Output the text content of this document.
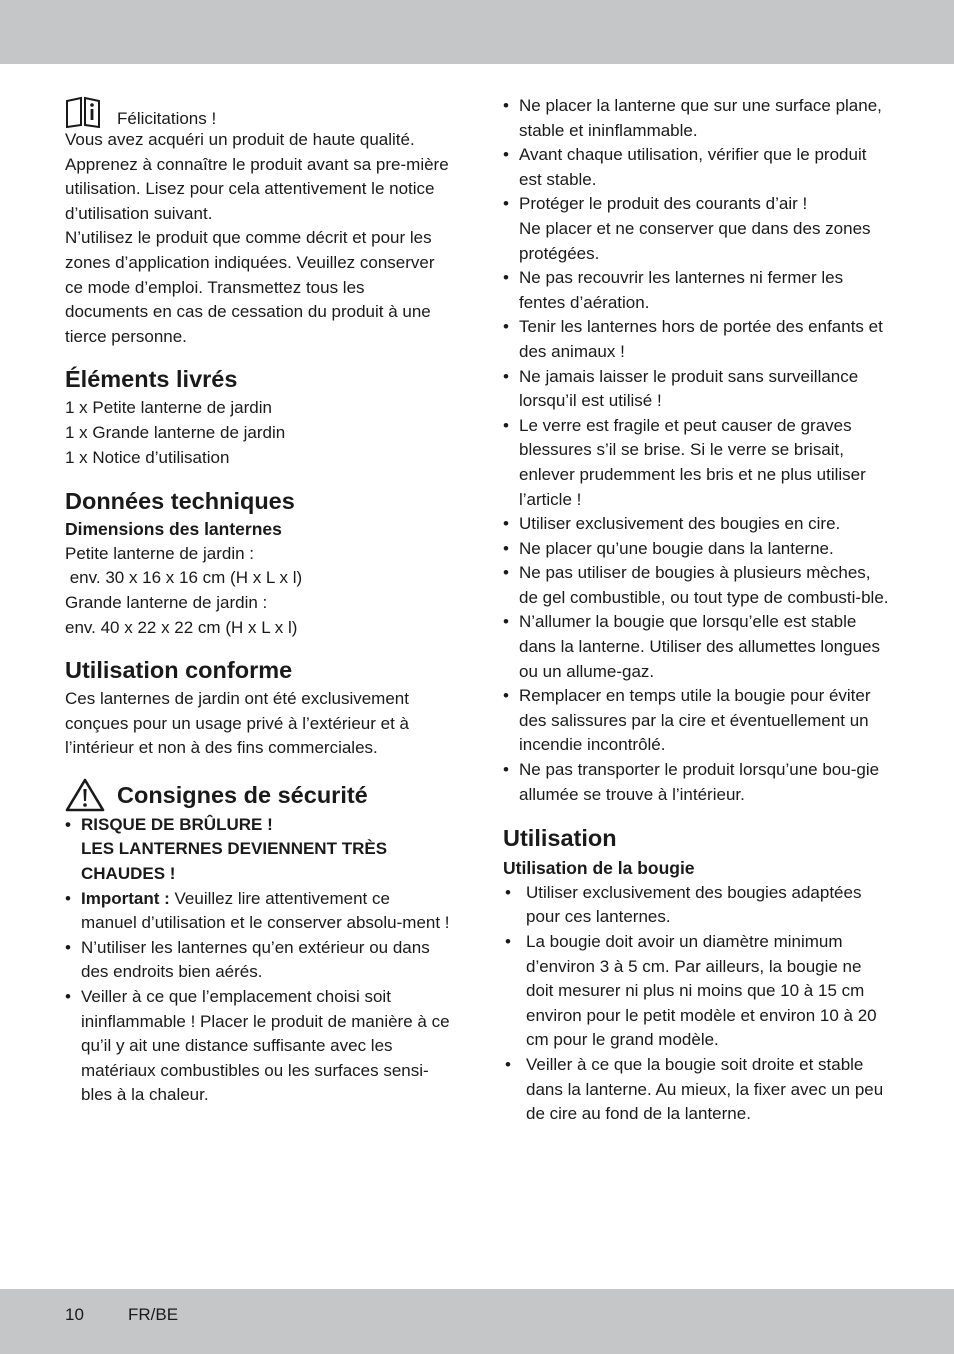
Félicitations !

Vous avez acquéri un produit de haute qualité. Apprenez à connaître le produit avant sa pre-mière utilisation. Lisez pour cela attentivement le notice d’utilisation suivant.

N’utilisez le produit que comme décrit et pour les zones d’application indiquées. Veuillez conserver ce mode d’emploi. Transmettez tous les documents en cas de cessation du produit à une tierce personne.

Éléments livrés

1 x Petite lanterne de jardin

1 x Grande lanterne de jardin

1 x Notice d’utilisation

Données techniques
Dimensions des lanternes

Petite lanterne de jardin :

env. 30 x 16 x 16 cm (H x L x l)

Grande lanterne de jardin :

env. 40 x 22 x 22 cm (H x L x l)

Utilisation conforme

Ces lanternes de jardin ont été exclusivement conçues pour un usage privé à l’extérieur et à l’intérieur et non à des fins commerciales.

Consignes de sécurité
• RISQUE DE BRÛLURE !
LES LANTERNES DEVIENNENT TRÈS
CHAUDES !
• Important : Veuillez lire attentivement ce manuel d’utilisation et le conserver absolu-ment !
• N’utiliser les lanternes qu’en extérieur ou dans des endroits bien aérés.
• Veiller à ce que l’emplacement choisi soit ininflammable ! Placer le produit de manière à ce qu’il y ait une distance suffisante avec les matériaux combustibles ou les surfaces sensi-bles à la chaleur.
• Ne placer la lanterne que sur une surface plane, stable et ininflammable.
• Avant chaque utilisation, vérifier que le produit est stable.
• Protéger le produit des courants d’air !
Ne placer et ne conserver que dans des zones protégées.
• Ne pas recouvrir les lanternes ni fermer les fentes d’aération.
• Tenir les lanternes hors de portée des enfants et des animaux !
• Ne jamais laisser le produit sans surveillance lorsqu’il est utilisé !
• Le verre est fragile et peut causer de graves blessures s’il se brise. Si le verre se brisait, enlever prudemment les bris et ne plus utiliser l’article !
• Utiliser exclusivement des bougies en cire.
• Ne placer qu’une bougie dans la lanterne.
• Ne pas utiliser de bougies à plusieurs mèches, de gel combustible, ou tout type de combusti-ble.
• N’allumer la bougie que lorsqu’elle est stable dans la lanterne. Utiliser des allumettes longues ou un allume-gaz.
• Remplacer en temps utile la bougie pour éviter des salissures par la cire et éventuellement un incendie incontrôlé.
• Ne pas transporter le produit lorsqu’une bou-gie allumée se trouve à l’intérieur.
Utilisation
Utilisation de la bougie
• Utiliser exclusivement des bougies adaptées pour ces lanternes.
• La bougie doit avoir un diamètre minimum d’environ 3 à 5 cm. Par ailleurs, la bougie ne doit mesurer ni plus ni moins que 10 à 15 cm environ pour le petit modèle et environ 10 à 20 cm pour le grand modèle.
• Veiller à ce que la bougie soit droite et stable dans la lanterne. Au mieux, la fixer avec un peu de cire au fond de la lanterne.
10	FR/BE
